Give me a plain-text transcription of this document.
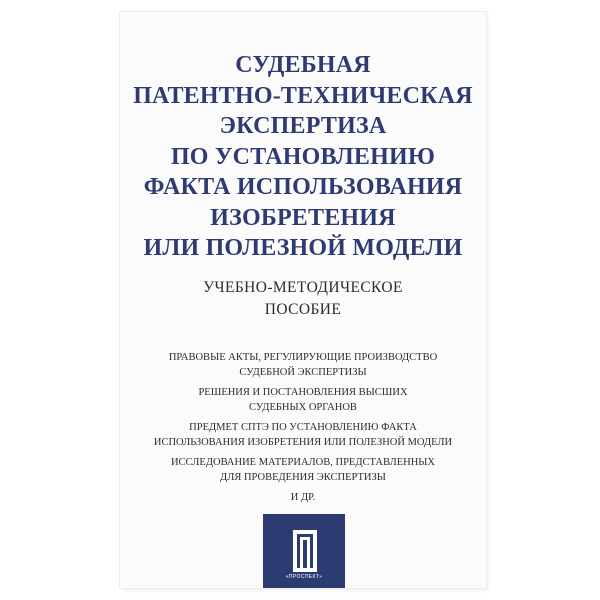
СУДЕБНАЯ
ПАТЕНТНО-ТЕХНИЧЕСКАЯ
ЭКСПЕРТИЗА
ПО УСТАНОВЛЕНИЮ
ФАКТА ИСПОЛЬЗОВАНИЯ
ИЗОБРЕТЕНИЯ
ИЛИ ПОЛЕЗНОЙ МОДЕЛИ
УЧЕБНО-МЕТОДИЧЕСКОЕ
ПОСОБИЕ
ПРАВОВЫЕ АКТЫ, РЕГУЛИРУЮЩИЕ ПРОИЗВОДСТВО
СУДЕБНОЙ ЭКСПЕРТИЗЫ
РЕШЕНИЯ И ПОСТАНОВЛЕНИЯ ВЫСШИХ
СУДЕБНЫХ ОРГАНОВ
ПРЕДМЕТ СПТЭ ПО УСТАНОВЛЕНИЮ ФАКТА
ИСПОЛЬЗОВАНИЯ ИЗОБРЕТЕНИЯ ИЛИ ПОЛЕЗНОЙ МОДЕЛИ
ИССЛЕДОВАНИЕ МАТЕРИАЛОВ, ПРЕДСТАВЛЕННЫХ
ДЛЯ ПРОВЕДЕНИЯ ЭКСПЕРТИЗЫ
И ДР.
«ПРОСПЕКТ»
